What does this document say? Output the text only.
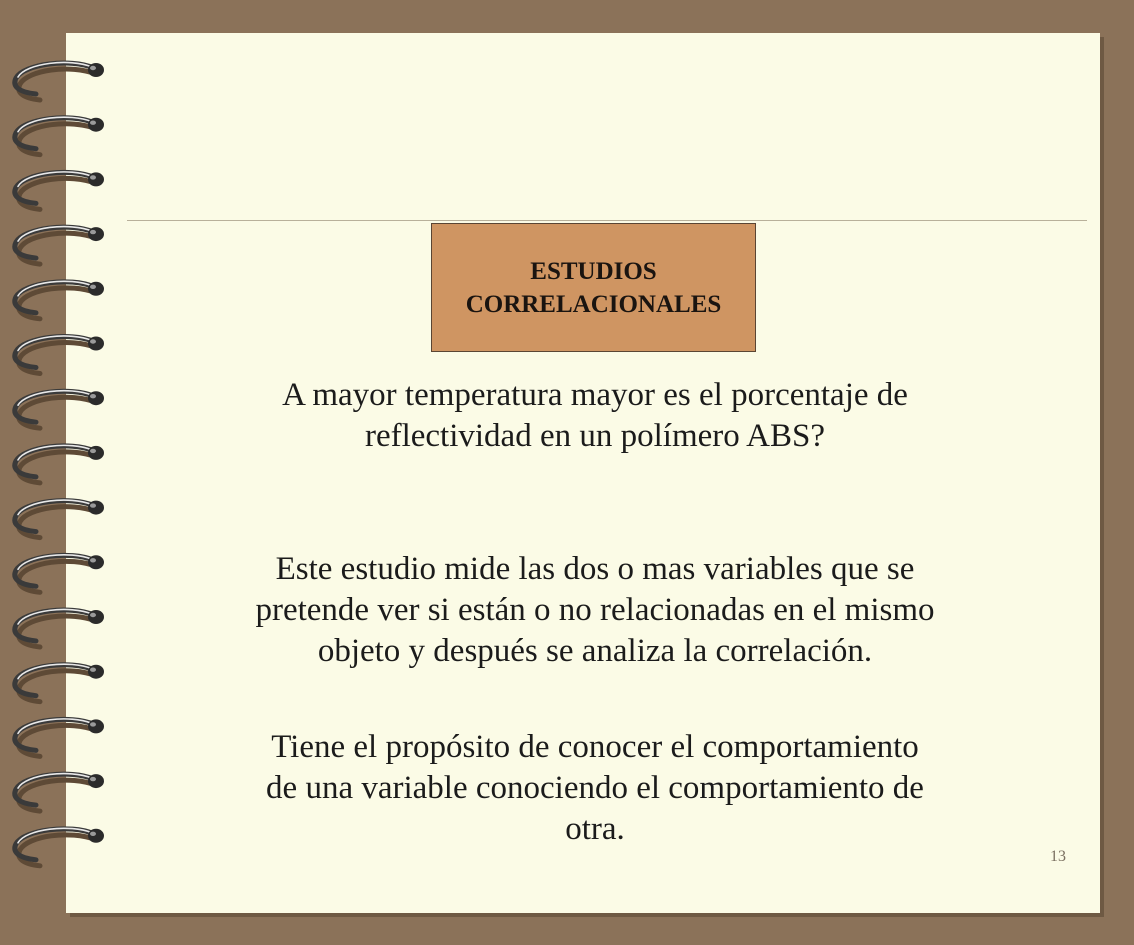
ESTUDIOS
CORRELACIONALES
A mayor temperatura mayor es el porcentaje de
reflectividad en un polímero ABS?
Este estudio mide las dos o mas variables que se
pretende ver si están o no relacionadas en el mismo
objeto y después se analiza la correlación.
Tiene el propósito de conocer el comportamiento
de una variable conociendo el comportamiento de
otra.
13
